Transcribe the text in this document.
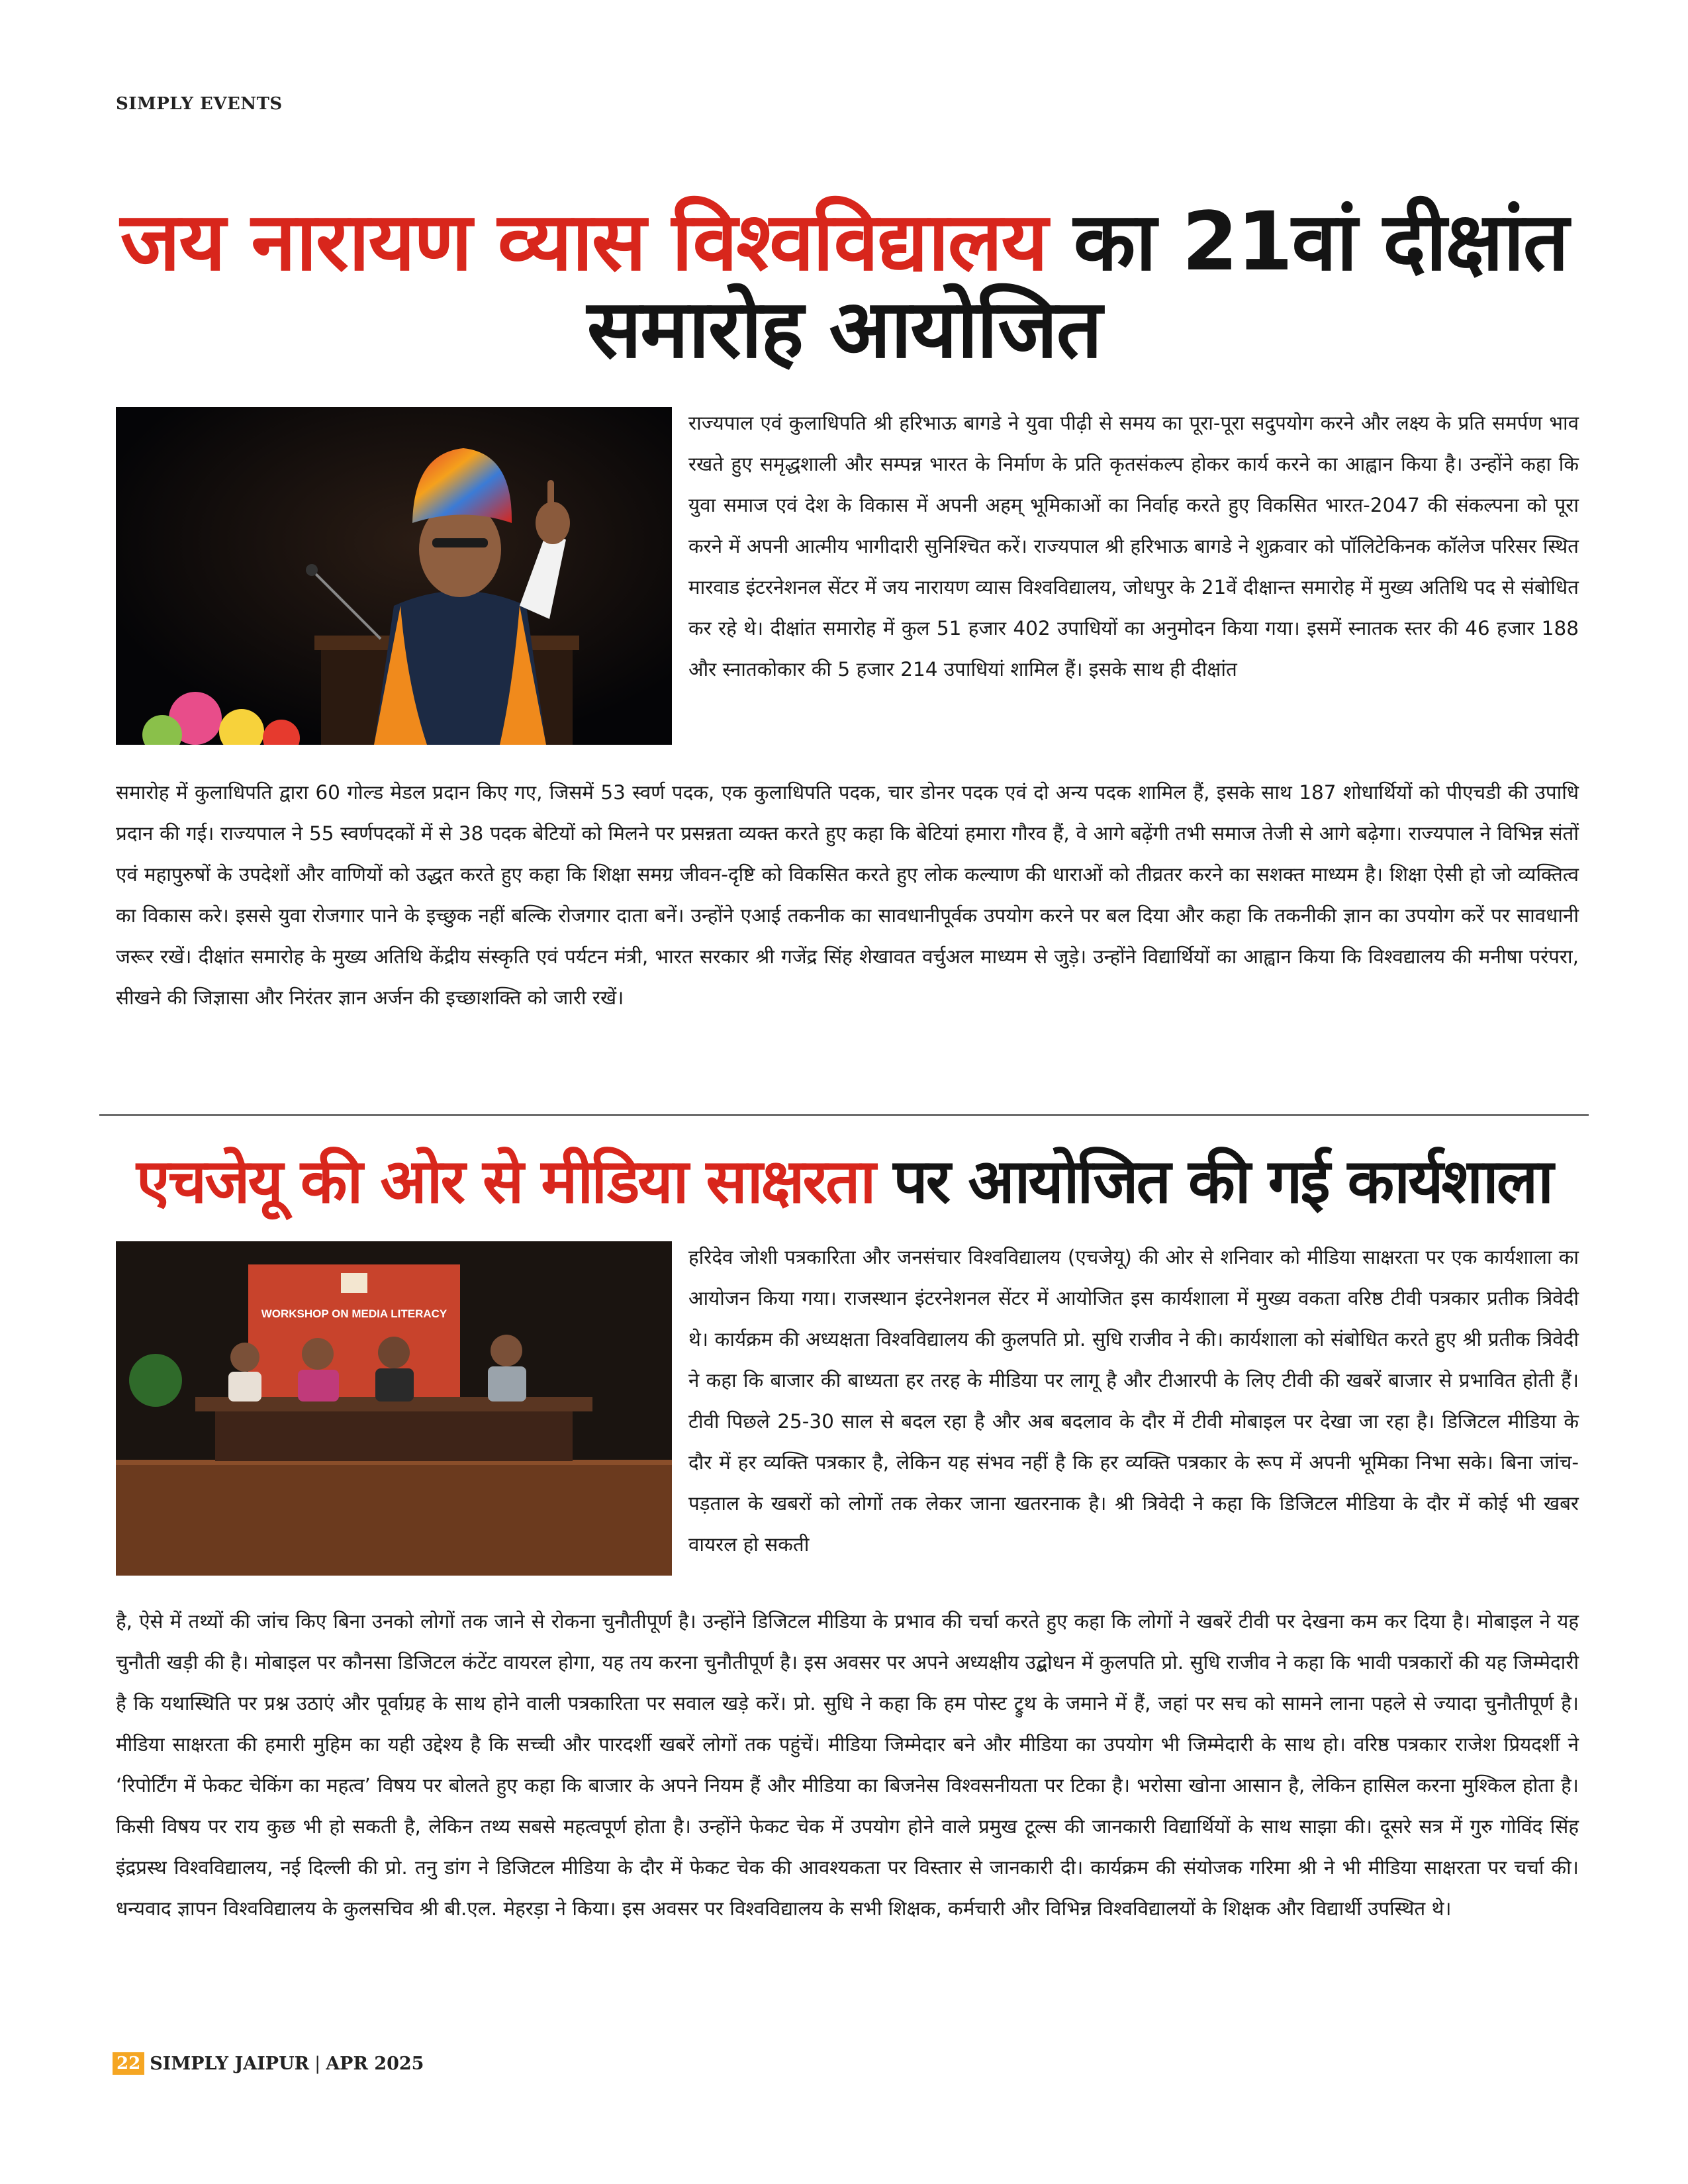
SIMPLY EVENTS
जय नारायण व्यास विश्वविद्यालय का 21वां दीक्षांत समारोह आयोजित

राज्यपाल एवं कुलाधिपति श्री हरिभाऊ बागडे ने युवा पीढ़ी से समय का पूरा-पूरा सदुपयोग करने और लक्ष्य के प्रति समर्पण भाव रखते हुए समृद्धशाली और सम्पन्न भारत के निर्माण के प्रति कृतसंकल्प होकर कार्य करने का आह्वान किया है। उन्होंने कहा कि युवा समाज एवं देश के विकास में अपनी अहम् भूमिकाओं का निर्वाह करते हुए विकसित भारत-2047 की संकल्पना को पूरा करने में अपनी आत्मीय भागीदारी सुनिश्चित करें। राज्यपाल श्री हरिभाऊ बागडे ने शुक्रवार को पॉलिटेकिनक कॉलेज परिसर स्थित मारवाड इंटरनेशनल सेंटर में जय नारायण व्यास विश्वविद्यालय, जोधपुर के 21वें दीक्षान्त समारोह में मुख्य अतिथि पद से संबोधित कर रहे थे। दीक्षांत समारोह में कुल 51 हजार 402 उपाधियों का अनुमोदन किया गया। इसमें स्नातक स्तर की 46 हजार 188 और स्नातकोकार की 5 हजार 214 उपाधियां शामिल हैं। इसके साथ ही दीक्षांत

समारोह में कुलाधिपति द्वारा 60 गोल्ड मेडल प्रदान किए गए, जिसमें 53 स्वर्ण पदक, एक कुलाधिपति पदक, चार डोनर पदक एवं दो अन्य पदक शामिल हैं, इसके साथ 187 शोधार्थियों को पीएचडी की उपाधि प्रदान की गई। राज्यपाल ने 55 स्वर्णपदकों में से 38 पदक बेटियों को मिलने पर प्रसन्नता व्यक्त करते हुए कहा कि बेटियां हमारा गौरव हैं, वे आगे बढ़ेंगी तभी समाज तेजी से आगे बढ़ेगा। राज्यपाल ने विभिन्न संतों एवं महापुरुषों के उपदेशों और वाणियों को उद्धत करते हुए कहा कि शिक्षा समग्र जीवन-दृष्टि को विकसित करते हुए लोक कल्याण की धाराओं को तीव्रतर करने का सशक्त माध्यम है। शिक्षा ऐसी हो जो व्यक्तित्व का विकास करे। इससे युवा रोजगार पाने के इच्छुक नहीं बल्कि रोजगार दाता बनें। उन्होंने एआई तकनीक का सावधानीपूर्वक उपयोग करने पर बल दिया और कहा कि तकनीकी ज्ञान का उपयोग करें पर सावधानी जरूर रखें। दीक्षांत समारोह के मुख्य अतिथि केंद्रीय संस्कृति एवं पर्यटन मंत्री, भारत सरकार श्री गजेंद्र सिंह शेखावत वर्चुअल माध्यम से जुड़े। उन्होंने विद्यार्थियों का आह्वान किया कि विश्वद्यालय की मनीषा परंपरा, सीखने की जिज्ञासा और निरंतर ज्ञान अर्जन की इच्छाशक्ति को जारी रखें।

एचजेयू की ओर से मीडिया साक्षरता पर आयोजित की गई कार्यशाला
WORKSHOP ON MEDIA LITERACY

हरिदेव जोशी पत्रकारिता और जनसंचार विश्वविद्यालय (एचजेयू) की ओर से शनिवार को मीडिया साक्षरता पर एक कार्यशाला का आयोजन किया गया। राजस्थान इंटरनेशनल सेंटर में आयोजित इस कार्यशाला में मुख्य वकता वरिष्ठ टीवी पत्रकार प्रतीक त्रिवेदी थे। कार्यक्रम की अध्यक्षता विश्वविद्यालय की कुलपति प्रो. सुधि राजीव ने की। कार्यशाला को संबोधित करते हुए श्री प्रतीक त्रिवेदी ने कहा कि बाजार की बाध्यता हर तरह के मीडिया पर लागू है और टीआरपी के लिए टीवी की खबरें बाजार से प्रभावित होती हैं। टीवी पिछले 25-30 साल से बदल रहा है और अब बदलाव के दौर में टीवी मोबाइल पर देखा जा रहा है। डिजिटल मीडिया के दौर में हर व्यक्ति पत्रकार है, लेकिन यह संभव नहीं है कि हर व्यक्ति पत्रकार के रूप में अपनी भूमिका निभा सके। बिना जांच-पड़ताल के खबरों को लोगों तक लेकर जाना खतरनाक है। श्री त्रिवेदी ने कहा कि डिजिटल मीडिया के दौर में कोई भी खबर वायरल हो सकती

है, ऐसे में तथ्यों की जांच किए बिना उनको लोगों तक जाने से रोकना चुनौतीपूर्ण है। उन्होंने डिजिटल मीडिया के प्रभाव की चर्चा करते हुए कहा कि लोगों ने खबरें टीवी पर देखना कम कर दिया है। मोबाइल ने यह चुनौती खड़ी की है। मोबाइल पर कौनसा डिजिटल कंटेंट वायरल होगा, यह तय करना चुनौतीपूर्ण है। इस अवसर पर अपने अध्यक्षीय उद्बोधन में कुलपति प्रो. सुधि राजीव ने कहा कि भावी पत्रकारों की यह जिम्मेदारी है कि यथास्थिति पर प्रश्न उठाएं और पूर्वाग्रह के साथ होने वाली पत्रकारिता पर सवाल खड़े करें। प्रो. सुधि ने कहा कि हम पोस्ट ट्रुथ के जमाने में हैं, जहां पर सच को सामने लाना पहले से ज्यादा चुनौतीपूर्ण है। मीडिया साक्षरता की हमारी मुहिम का यही उद्देश्य है कि सच्ची और पारदर्शी खबरें लोगों तक पहुंचें। मीडिया जिम्मेदार बने और मीडिया का उपयोग भी जिम्मेदारी के साथ हो। वरिष्ठ पत्रकार राजेश प्रियदर्शी ने ‘रिपोर्टिंग में फेकट चेकिंग का महत्व’ विषय पर बोलते हुए कहा कि बाजार के अपने नियम हैं और मीडिया का बिजनेस विश्वसनीयता पर टिका है। भरोसा खोना आसान है, लेकिन हासिल करना मुश्किल होता है। किसी विषय पर राय कुछ भी हो सकती है, लेकिन तथ्य सबसे महत्वपूर्ण होता है। उन्होंने फेकट चेक में उपयोग होने वाले प्रमुख टूल्स की जानकारी विद्यार्थियों के साथ साझा की। दूसरे सत्र में गुरु गोविंद सिंह इंद्रप्रस्थ विश्वविद्यालय, नई दिल्ली की प्रो. तनु डांग ने डिजिटल मीडिया के दौर में फेकट चेक की आवश्यकता पर विस्तार से जानकारी दी। कार्यक्रम की संयोजक गरिमा श्री ने भी मीडिया साक्षरता पर चर्चा की। धन्यवाद ज्ञापन विश्वविद्यालय के कुलसचिव श्री बी.एल. मेहरड़ा ने किया। इस अवसर पर विश्वविद्यालय के सभी शिक्षक, कर्मचारी और विभिन्न विश्वविद्यालयों के शिक्षक और विद्यार्थी उपस्थित थे।

22 SIMPLY JAIPUR | APR 2025
